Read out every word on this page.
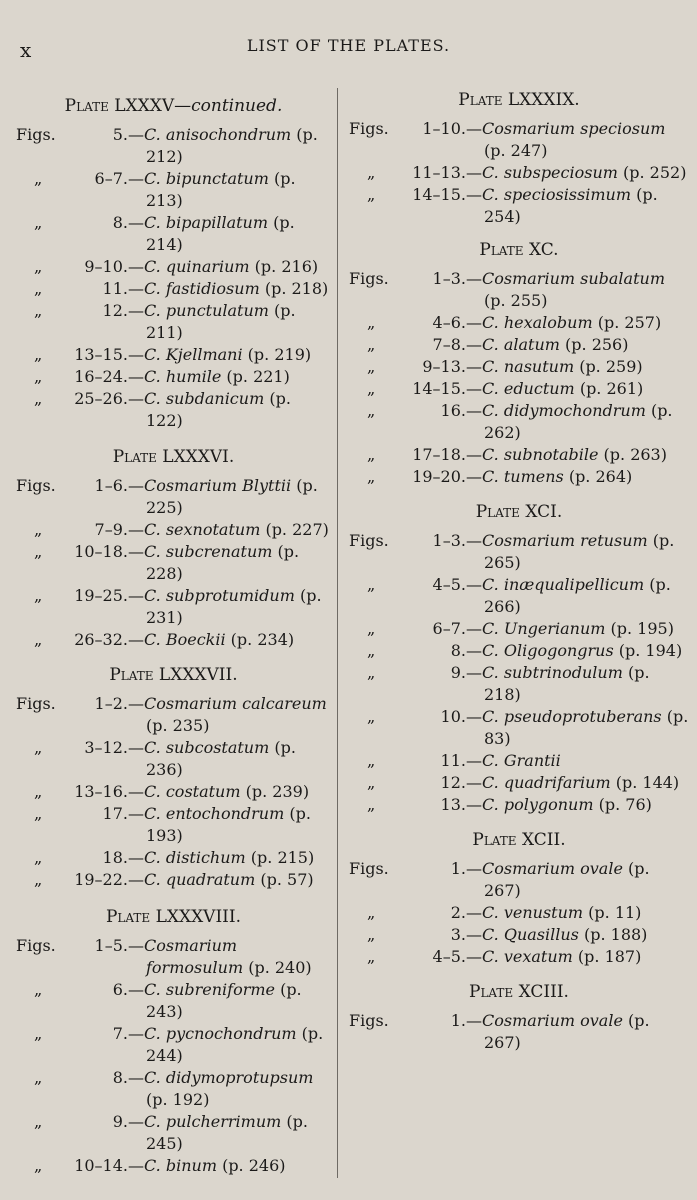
x	LIST OF THE PLATES.
Plate LXXXV—continued.
Figs.	5. —C. anisochondrum (p. 212)
„	6–7. —C. bipunctatum (p. 213)
„	8. —C. bipapillatum (p. 214)
„	9–10. —C. quinarium (p. 216)
„	11. —C. fastidiosum (p. 218)
„	12. —C. punctulatum (p. 211)
„	13–15. —C. Kjellmani (p. 219)
„	16–24. —C. humile (p. 221)
„	25–26. —C. subdanicum (p. 122)
Plate LXXXVI.
Figs.	1–6. —Cosmarium Blyttii (p. 225)
„	7–9. —C. sexnotatum (p. 227)
„	10–18. —C. subcrenatum (p. 228)
„	19–25. —C. subprotumidum (p. 231)
„	26–32. —C. Boeckii (p. 234)
Plate LXXXVII.
Figs.	1–2. —Cosmarium calcareum (p. 235)
„	3–12. —C. subcostatum (p. 236)
„	13–16. —C. costatum (p. 239)
„	17. —C. entochondrum (p. 193)
„	18. —C. distichum (p. 215)
„	19–22. —C. quadratum (p. 57)
Plate LXXXVIII.
Figs.	1–5. —Cosmarium formosulum (p. 240)
„	6. —C. subreniforme (p. 243)
„	7. —C. pycnochondrum (p. 244)
„	8. —C. didymoprotupsum (p. 192)
„	9. —C. pulcherrimum (p. 245)
„	10–14. —C. binum (p. 246)
Plate LXXXIX.
Figs.	1–10. —Cosmarium speciosum (p. 247)
„	11–13. —C. subspeciosum (p. 252)
„	14–15. —C. speciosissimum (p. 254)
Plate XC.
Figs.	1–3. —Cosmarium subalatum (p. 255)
„	4–6. —C. hexalobum (p. 257)
„	7–8. —C. alatum (p. 256)
„	9–13. —C. nasutum (p. 259)
„	14–15. —C. eductum (p. 261)
„	16. —C. didymochondrum (p. 262)
„	17–18. —C. subnotabile (p. 263)
„	19–20. —C. tumens (p. 264)
Plate XCI.
Figs.	1–3. —Cosmarium retusum (p. 265)
„	4–5. —C. inæqualipellicum (p. 266)
„	6–7. —C. Ungerianum (p. 195)
„	8. —C. Oligogongrus (p. 194)
„	9. —C. subtrinodulum (p. 218)
„	10. —C. pseudoprotuberans (p. 83)
„	11. —C. Grantii
„	12. —C. quadrifarium (p. 144)
„	13. —C. polygonum (p. 76)
Plate XCII.
Figs.	1. —Cosmarium ovale (p. 267)
„	2. —C. venustum (p. 11)
„	3. —C. Quasillus (p. 188)
„	4–5. —C. vexatum (p. 187)
Plate XCIII.
Figs.	1. —Cosmarium ovale (p. 267)
